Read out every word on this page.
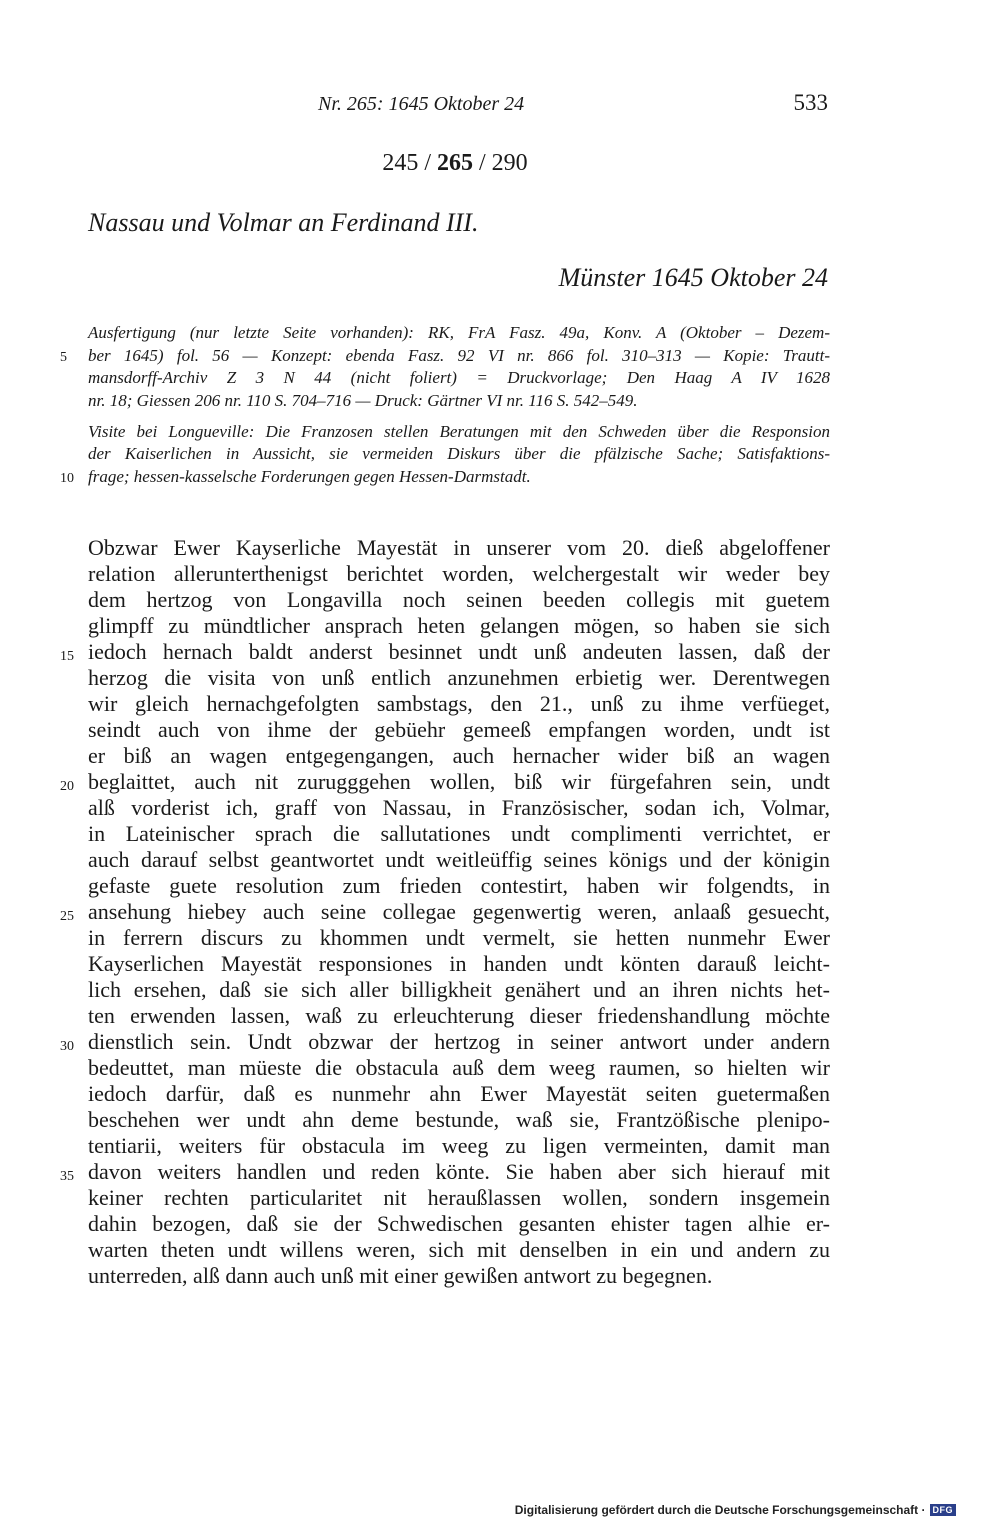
Nr. 265: 1645 Oktober 24	533
245 / 265 / 290
Nassau und Volmar an Ferdinand III.
Münster 1645 Oktober 24
Ausfertigung (nur letzte Seite vorhanden): RK, FrA Fasz. 49a, Konv. A (Oktober – Dezem-
5 ber 1645) fol. 56 — Konzept: ebenda Fasz. 92 VI nr. 866 fol. 310–313 — Kopie: Trautt-
mansdorff-Archiv Z 3 N 44 (nicht foliert) = Druckvorlage; Den Haag A IV 1628
nr. 18; Giessen 206 nr. 110 S. 704–716 — Druck: Gärtner VI nr. 116 S. 542–549.
Visite bei Longueville: Die Franzosen stellen Beratungen mit den Schweden über die Responsion
der Kaiserlichen in Aussicht, sie vermeiden Diskurs über die pfälzische Sache; Satisfaktions-
10 frage; hessen-kasselsche Forderungen gegen Hessen-Darmstadt.
Obzwar Ewer Kayserliche Mayestät in unserer vom 20. dieß abgeloffener
relation allerunterthenigst berichtet worden, welchergestalt wir weder bey
dem hertzog von Longavilla noch seinen beeden collegis mit guetem
glimpff zu mündtlicher ansprach heten gelangen mögen, so haben sie sich
15 iedoch hernach baldt anderst besinnet undt unß andeuten lassen, daß der
herzog die visita von unß entlich anzunehmen erbietig wer. Derentwegen
wir gleich hernachgefolgten sambstags, den 21., unß zu ihme verfüeget,
seindt auch von ihme der gebüehr gemeeß empfangen worden, undt ist
er biß an wagen entgegengangen, auch hernacher wider biß an wagen
20 beglaittet, auch nit zurugggehen wollen, biß wir fürgefahren sein, undt
alß vorderist ich, graff von Nassau, in Französischer, sodan ich, Volmar,
in Lateinischer sprach die sallutationes undt complimenti verrichtet, er
auch darauf selbst geantwortet undt weitleüffig seines königs und der königin
gefaste guete resolution zum frieden contestirt, haben wir folgendts, in
25 ansehung hiebey auch seine collegae gegenwertig weren, anlaaß gesuecht,
in ferrern discurs zu khommen undt vermelt, sie hetten nunmehr Ewer
Kayserlichen Mayestät responsiones in handen undt könten darauß leicht-
lich ersehen, daß sie sich aller billigkheit genähert und an ihren nichts het-
ten erwenden lassen, waß zu erleuchterung dieser friedenshandlung möchte
30 dienstlich sein. Undt obzwar der hertzog in seiner antwort under andern
bedeuttet, man müeste die obstacula auß dem weeg raumen, so hielten wir
iedoch darfür, daß es nunmehr ahn Ewer Mayestät seiten guetermaßen
beschehen wer undt ahn deme bestunde, waß sie, Frantzößische plenipo-
tentiarii, weiters für obstacula im weeg zu ligen vermeinten, damit man
35 davon weiters handlen und reden könte. Sie haben aber sich hierauf mit
keiner rechten particularitet nit heraußlassen wollen, sondern insgemein
dahin bezogen, daß sie der Schwedischen gesanten ehister tagen alhie er-
warten theten undt willens weren, sich mit denselben in ein und andern zu
unterreden, alß dann auch unß mit einer gewißen antwort zu begegnen.
Digitalisierung gefördert durch die Deutsche Forschungsgemeinschaft · DFG
